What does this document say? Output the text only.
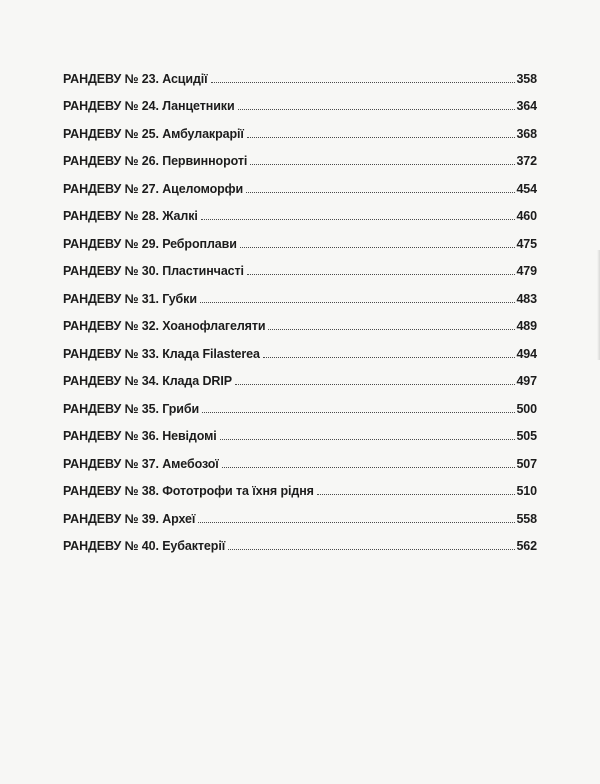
РАНДЕВУ № 23. Асцидії	358
РАНДЕВУ № 24. Ланцетники	364
РАНДЕВУ № 25. Амбулакрарії	368
РАНДЕВУ № 26. Первиннороті	372
РАНДЕВУ № 27. Ацеломорфи	454
РАНДЕВУ № 28. Жалкі	460
РАНДЕВУ № 29. Реброплави	475
РАНДЕВУ № 30. Пластинчасті	479
РАНДЕВУ № 31. Губки	483
РАНДЕВУ № 32. Хоанофлагеляти	489
РАНДЕВУ № 33. Клада Filasterea	494
РАНДЕВУ № 34. Клада DRIP	497
РАНДЕВУ № 35. Гриби	500
РАНДЕВУ № 36. Невідомі	505
РАНДЕВУ № 37. Амебозої	507
РАНДЕВУ № 38. Фототрофи та їхня рідня	510
РАНДЕВУ № 39. Археї	558
РАНДЕВУ № 40. Еубактерії	562
